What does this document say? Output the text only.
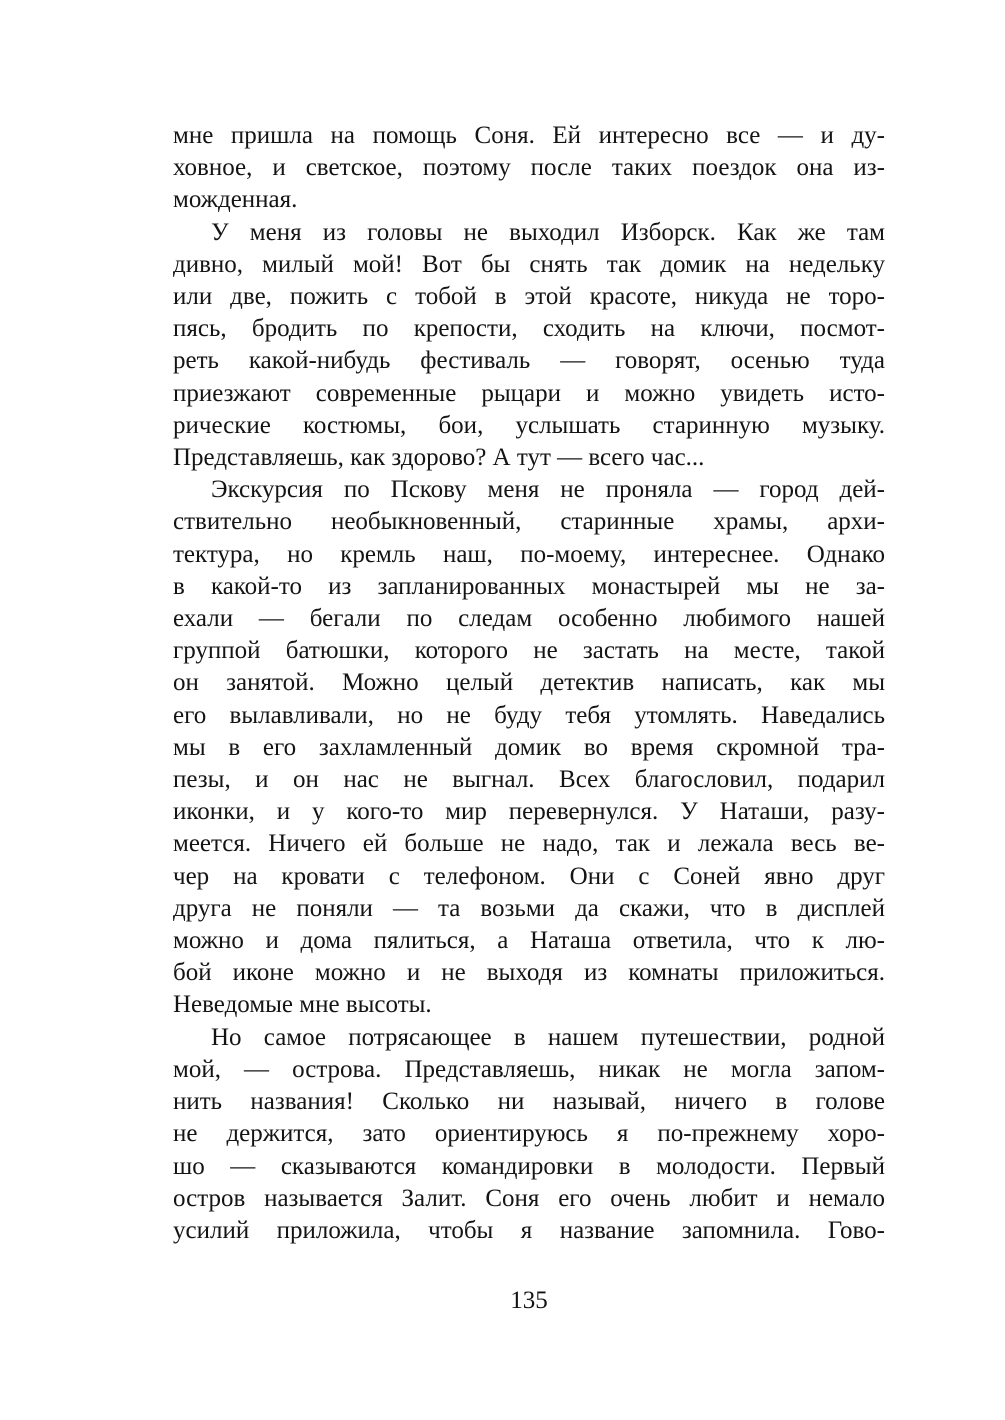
мне пришла на помощь Соня. Ей интересно все — и ду-
ховное, и светское, поэтому после таких поездок она из-
можденная.
У меня из головы не выходил Изборск. Как же там
дивно, милый мой! Вот бы снять так домик на недельку
или две, пожить с тобой в этой красоте, никуда не торо-
пясь, бродить по крепости, сходить на ключи, посмот-
реть какой-нибудь фестиваль — говорят, осенью туда
приезжают современные рыцари и можно увидеть исто-
рические костюмы, бои, услышать старинную музыку.
Представляешь, как здорово? А тут — всего час...
Экскурсия по Пскову меня не проняла — город дей-
ствительно необыкновенный, старинные храмы, архи-
тектура, но кремль наш, по-моему, интереснее. Однако
в какой-то из запланированных монастырей мы не за-
ехали — бегали по следам особенно любимого нашей
группой батюшки, которого не застать на месте, такой
он занятой. Можно целый детектив написать, как мы
его вылавливали, но не буду тебя утомлять. Наведались
мы в его захламленный домик во время скромной тра-
пезы, и он нас не выгнал. Всех благословил, подарил
иконки, и у кого-то мир перевернулся. У Наташи, разу-
меется. Ничего ей больше не надо, так и лежала весь ве-
чер на кровати с телефоном. Они с Соней явно друг
друга не поняли — та возьми да скажи, что в дисплей
можно и дома пялиться, а Наташа ответила, что к лю-
бой иконе можно и не выходя из комнаты приложиться.
Неведомые мне высоты.
Но самое потрясающее в нашем путешествии, родной
мой, — острова. Представляешь, никак не могла запом-
нить названия! Сколько ни называй, ничего в голове
не держится, зато ориентируюсь я по-прежнему хоро-
шо — сказываются командировки в молодости. Первый
остров называется Залит. Соня его очень любит и немало
усилий приложила, чтобы я название запомнила. Гово-
135
